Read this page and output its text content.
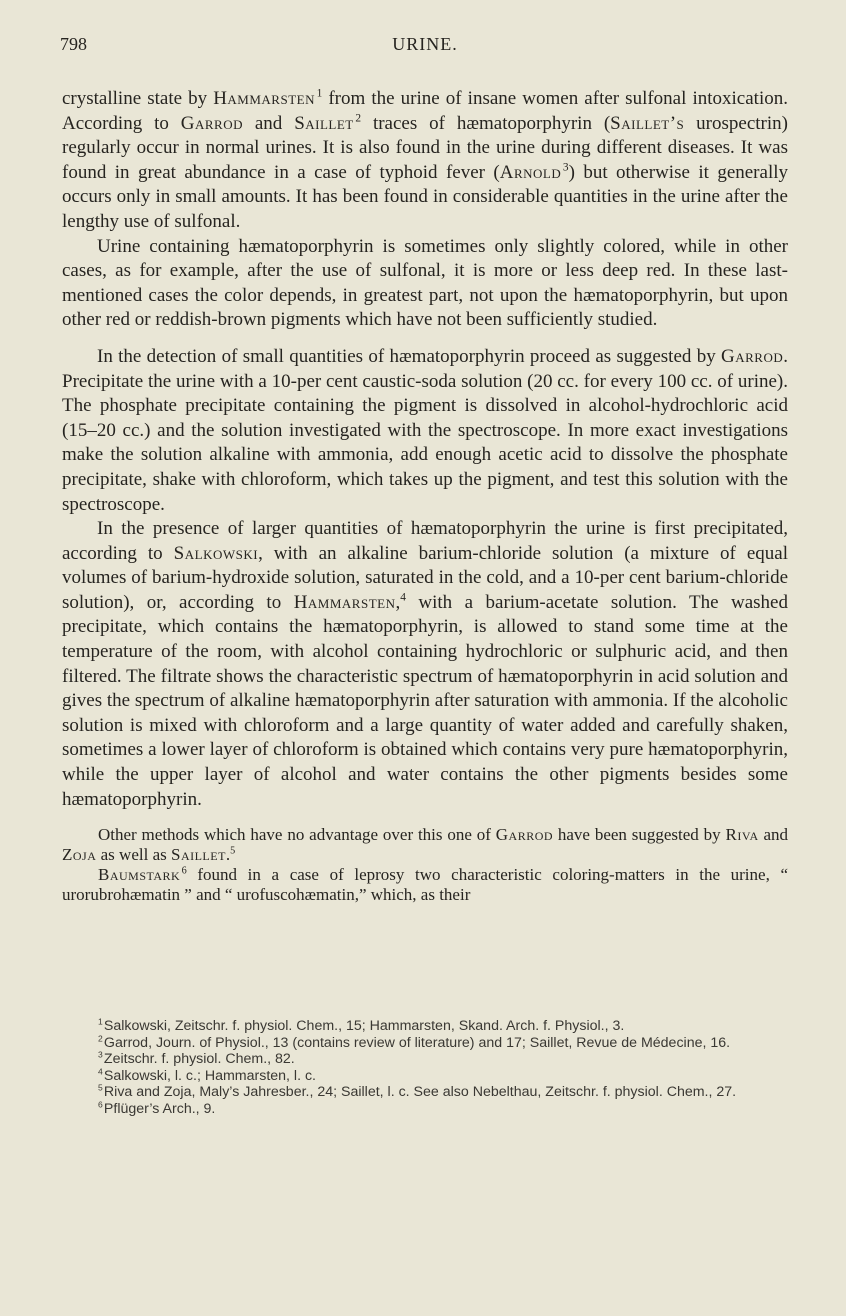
798	URINE.

crystalline state by Hammarsten  $^1$ from the urine of insane women after sulfonal intoxication. According to Garrod and Saillet  $^2$ traces of hæmatoporphyrin (Saillet’s urospectrin) regularly occur in normal urines. It is also found in the urine during different diseases. It was found in great abundance in a case of typhoid fever (Arnold  $^3$) but otherwise it generally occurs only in small amounts. It has been found in considerable quantities in the urine after the lengthy use of sulfonal.

Urine containing hæmatoporphyrin is sometimes only slightly colored, while in other cases, as for example, after the use of sulfonal, it is more or less deep red. In these last-mentioned cases the color depends, in greatest part, not upon the hæmatoporphyrin, but upon other red or reddish-brown pigments which have not been sufficiently studied.

In the detection of small quantities of hæmatoporphyrin proceed as suggested by Garrod. Precipitate the urine with a 10-per cent caustic-soda solution (20 cc. for every 100 cc. of urine). The phosphate precipitate containing the pigment is dissolved in alcohol-hydrochloric acid (15–20 cc.) and the solution investigated with the spectroscope. In more exact investigations make the solution alkaline with ammonia, add enough acetic acid to dissolve the phosphate precipitate, shake with chloroform, which takes up the pigment, and test this solution with the spectroscope.

In the presence of larger quantities of hæmatoporphyrin the urine is first precipitated, according to Salkowski, with an alkaline barium-chloride solution (a mixture of equal volumes of barium-hydroxide solution, saturated in the cold, and a 10-per cent barium-chloride solution), or, according to Hammarsten,$^4$ with a barium-acetate solution. The washed precipitate, which contains the hæmatoporphyrin, is allowed to stand some time at the temperature of the room, with alcohol containing hydrochloric or sulphuric acid, and then filtered. The filtrate shows the characteristic spectrum of hæmatoporphyrin in acid solution and gives the spectrum of alkaline hæmatoporphyrin after saturation with ammonia. If the alcoholic solution is mixed with chloroform and a large quantity of water added and carefully shaken, sometimes a lower layer of chloroform is obtained which contains very pure hæmatoporphyrin, while the upper layer of alcohol and water contains the other pigments besides some hæmatoporphyrin.

Other methods which have no advantage over this one of Garrod have been suggested by Riva and Zoja as well as Saillet.$^5$

Baumstark $^6$ found in a case of leprosy two characteristic coloring-matters in the urine, “ urorubrohæmatin ” and “ urofuscohæmatin,” which, as their

$^1$ Salkowski, Zeitschr. f. physiol. Chem., 15; Hammarsten, Skand. Arch. f. Physiol., 3.

$^2$ Garrod, Journ. of Physiol., 13 (contains review of literature) and 17; Saillet, Revue de Médecine, 16.

$^3$ Zeitschr. f. physiol. Chem., 82.

$^4$ Salkowski, l. c.; Hammarsten, l. c.

$^5$ Riva and Zoja, Maly’s Jahresber., 24; Saillet, l. c. See also Nebelthau, Zeitschr. f. physiol. Chem., 27.

$^6$ Pflüger’s Arch., 9.
